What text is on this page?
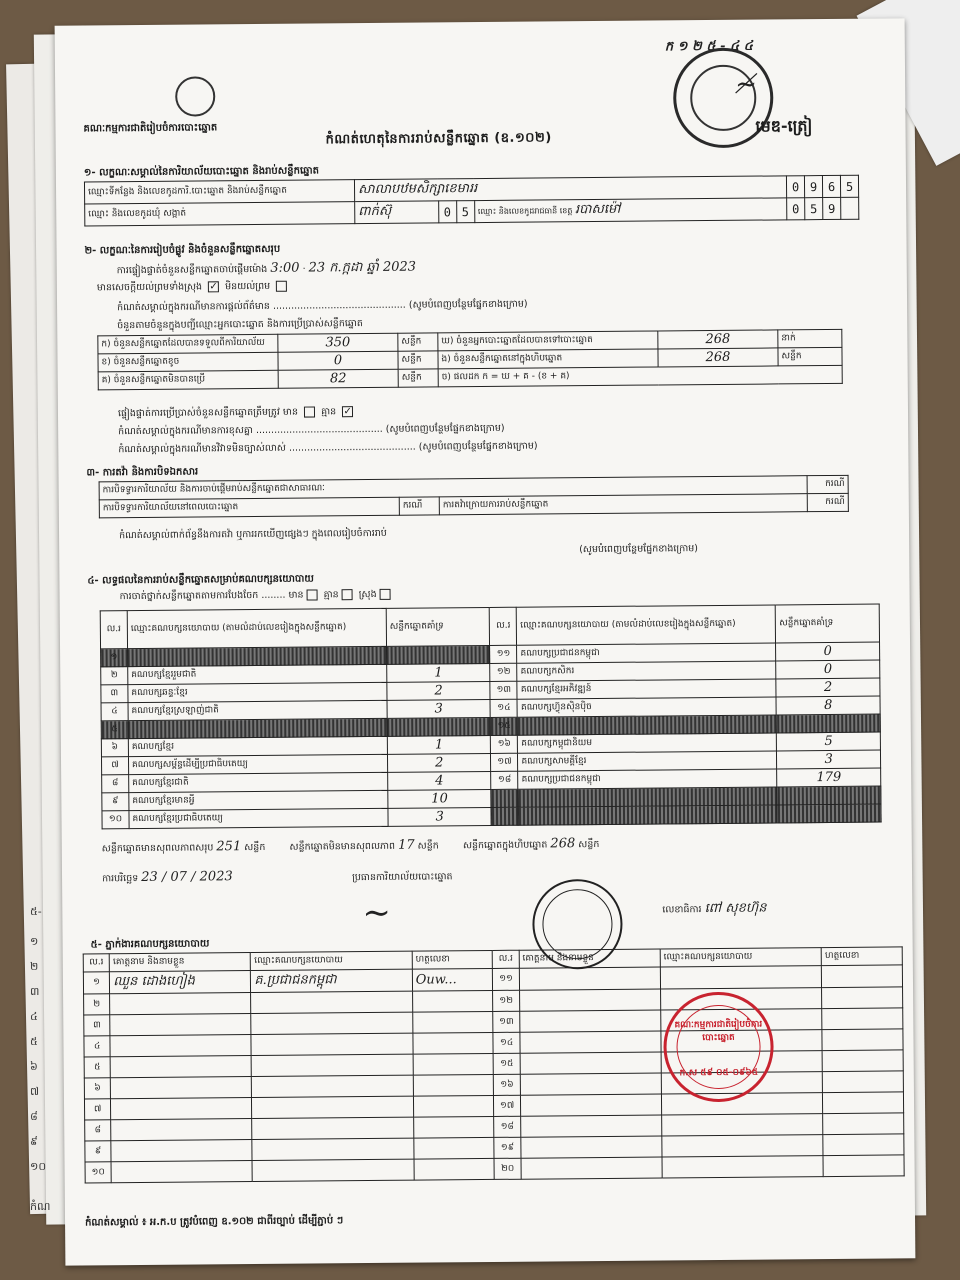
៥-
១
២
៣
៤
៥
៦
៧
៨
៩
១០
កំណ
គណៈកម្មការជាតិរៀបចំការបោះឆ្នោត
កំណត់ហេតុនៃការរាប់សន្លឹកឆ្នោត (ឧ.១០២)
ក ១ ២ ៥ - ៤ ៤
≁
មេឌ-ត្រៀ
១- លក្ខណៈសម្គាល់នៃការិយាល័យបោះឆ្នោត និងរាប់សន្លឹកឆ្នោត
ឈ្មោះទីកន្លែង និងលេខកូដការិ.បោះឆ្នោត និងរាប់សន្លឹកឆ្នោត	សាលាបឋមសិក្សាខេមាររ				0	9	6	5
ឈ្មោះ និងលេខកូដឃុំ សង្កាត់	ពាក់ស៊ុ	0	5	ឈ្មោះ និងលេខកូដរាជធានី ខេត្ត របាសម៉ៅ	0	5	9	
២- លក្ខណៈនៃការរៀបចំផ្លូវ និងចំនួនសន្លឹកឆ្នោតសរុប
ការផ្ទៀងផ្ទាត់ចំនួនសន្លឹកឆ្នោតចាប់ផ្ដើមម៉ោង 3:00 · 23 ក.ក្កដា ឆ្នាំ 2023
មានសេចក្តីយល់ព្រមទាំងស្រុង ✓ មិនយល់ព្រម
កំណត់សម្គាល់ក្នុងករណីមានការផ្តល់ព័ត៌មាន ............................................ (សូមបំពេញបន្ថែមផ្នែកខាងក្រោម)
ចំនួនតាមចំនួនក្នុងបញ្ជីឈ្មោះអ្នកបោះឆ្នោត និងការប្រើប្រាស់សន្លឹកឆ្នោត
ក) ចំនួនសន្លឹកឆ្នោតដែលបានទទួលពីការិយាល័យ	350	សន្លឹក	ឃ) ចំនួនអ្នកបោះឆ្នោតដែលបានទៅបោះឆ្នោត	268	នាក់
ខ) ចំនួនសន្លឹកឆ្នោតខូច	0	សន្លឹក	ង) ចំនួនសន្លឹកឆ្នោតនៅក្នុងហិបឆ្នោត	268	សន្លឹក
គ) ចំនួនសន្លឹកឆ្នោតមិនបានប្រើ	82	សន្លឹក	ច) ផលដក ក = ឃ + គ - (ខ + គ)		
ផ្ទៀងផ្ទាត់ការប្រើប្រាស់ចំនួនសន្លឹកឆ្នោតត្រឹមត្រូវ មាន គ្មាន ✓
កំណត់សម្គាល់ក្នុងករណីមានការខុសគ្នា .......................................... (សូមបំពេញបន្ថែមផ្នែកខាងក្រោម)
កំណត់សម្គាល់ក្នុងករណីមានវិវាទមិនច្បាស់លាស់ .......................................... (សូមបំពេញបន្ថែមផ្នែកខាងក្រោម)
៣- ការតវ៉ា និងការបិទឯកសារ
ការបិទទ្វារការិយាល័យ និងការចាប់ផ្តើមរាប់សន្លឹកឆ្នោតជាសាធារណៈ			ករណី
ការបិទទ្វារការិយាល័យនៅពេលបោះឆ្នោត	ករណី	ការតវ៉ាក្រោយការរាប់សន្លឹកឆ្នោត	ករណី
កំណត់សម្គាល់ពាក់ព័ន្ធនឹងការតវ៉ា ឬការរកឃើញផ្សេងៗ ក្នុងពេលរៀបចំការរាប់
(សូមបំពេញបន្ថែមផ្នែកខាងក្រោម)
៤- លទ្ធផលនៃការរាប់សន្លឹកឆ្នោតសម្រាប់គណបក្សនយោបាយ
ការចាត់ថ្នាក់សន្លឹកឆ្នោតតាមការបែងចែក ........ មាន គ្មាន ស្រុង
ល.រ	ឈ្មោះគណបក្សនយោបាយ (តាមលំដាប់លេខរៀងក្នុងសន្លឹកឆ្នោត)	សន្លឹកឆ្នោតគាំទ្រ	ល.រ	ឈ្មោះគណបក្សនយោបាយ (តាមលំដាប់លេខរៀងក្នុងសន្លឹកឆ្នោត)	សន្លឹកឆ្នោតគាំទ្រ
១			១១	គណបក្សប្រជាជនកម្ពុជា	0
២	គណបក្សខ្មែររួមជាតិ	1	១២	គណបក្សកសិករ	0
៣	គណបក្សឆន្ទៈខ្មែរ	2	១៣	គណបក្សខ្មែរអភិវឌ្ឍន៍	2
៤	គណបក្សខ្មែរស្រឡាញ់ជាតិ	3	១៤	គណបក្សហ៊្វុនស៊ិនប៉ិច	8
៥			១៥		
៦	គណបក្សខ្មែរ	1	១៦	គណបក្សកម្ពុជានិយម	5
៧	គណបក្សសម្ព័ន្ធដើម្បីប្រជាធិបតេយ្យ	2	១៧	គណបក្សសាមគ្គីខ្មែរ	3
៨	គណបក្សខ្មែរជាតិ	4	១៨	គណបក្សប្រជាជនកម្ពុជា	179
៩	គណបក្សខ្មែរមានអ្វី	10			
១០	គណបក្សខ្មែរប្រជាធិបតេយ្យ	3			
សន្លឹកឆ្នោតមានសុពលភាពសរុប 251 សន្លឹក	សន្លឹកឆ្នោតមិនមានសុពលភាព 17 សន្លឹក	សន្លឹកឆ្នោតក្នុងហិបឆ្នោត 268 សន្លឹក
ការបរិច្ឆេទ 23 / 07 / 2023	ប្រធានការិយាល័យបោះឆ្នោត
~	លេខាធិការ ពៅ សុខហ៊ុន
៥- ភ្នាក់ងារគណបក្សនយោបាយ
ល.រ	គោត្តនាម និងនាមខ្លួន	ឈ្មោះគណបក្សនយោបាយ	ហត្ថលេខា	ល.រ	គោត្តនាម និងនាមខ្លួន	ឈ្មោះគណបក្សនយោបាយ	ហត្ថលេខា
១	ឈួន ដោងហៀង	គ.ប្រជាជនកម្ពុជា	Ouw...	១១			
២				១២			
៣				១៣			
៤				១៤			
៥				១៥			
៦				១៦			
៧				១៧			
៨				១៨			
៩				១៩			
១០				២០			
គណៈកម្មការជាតិរៀបចំការបោះឆ្នោត
ក.ស ៥៩ ០៥-០៩៦៥
កំណត់សម្គាល់ ៖ អ.ក.ប ត្រូវបំពេញ ឧ.១០២ ជាពីរច្បាប់ ដើម្បីភ្ជាប់ ៗ
